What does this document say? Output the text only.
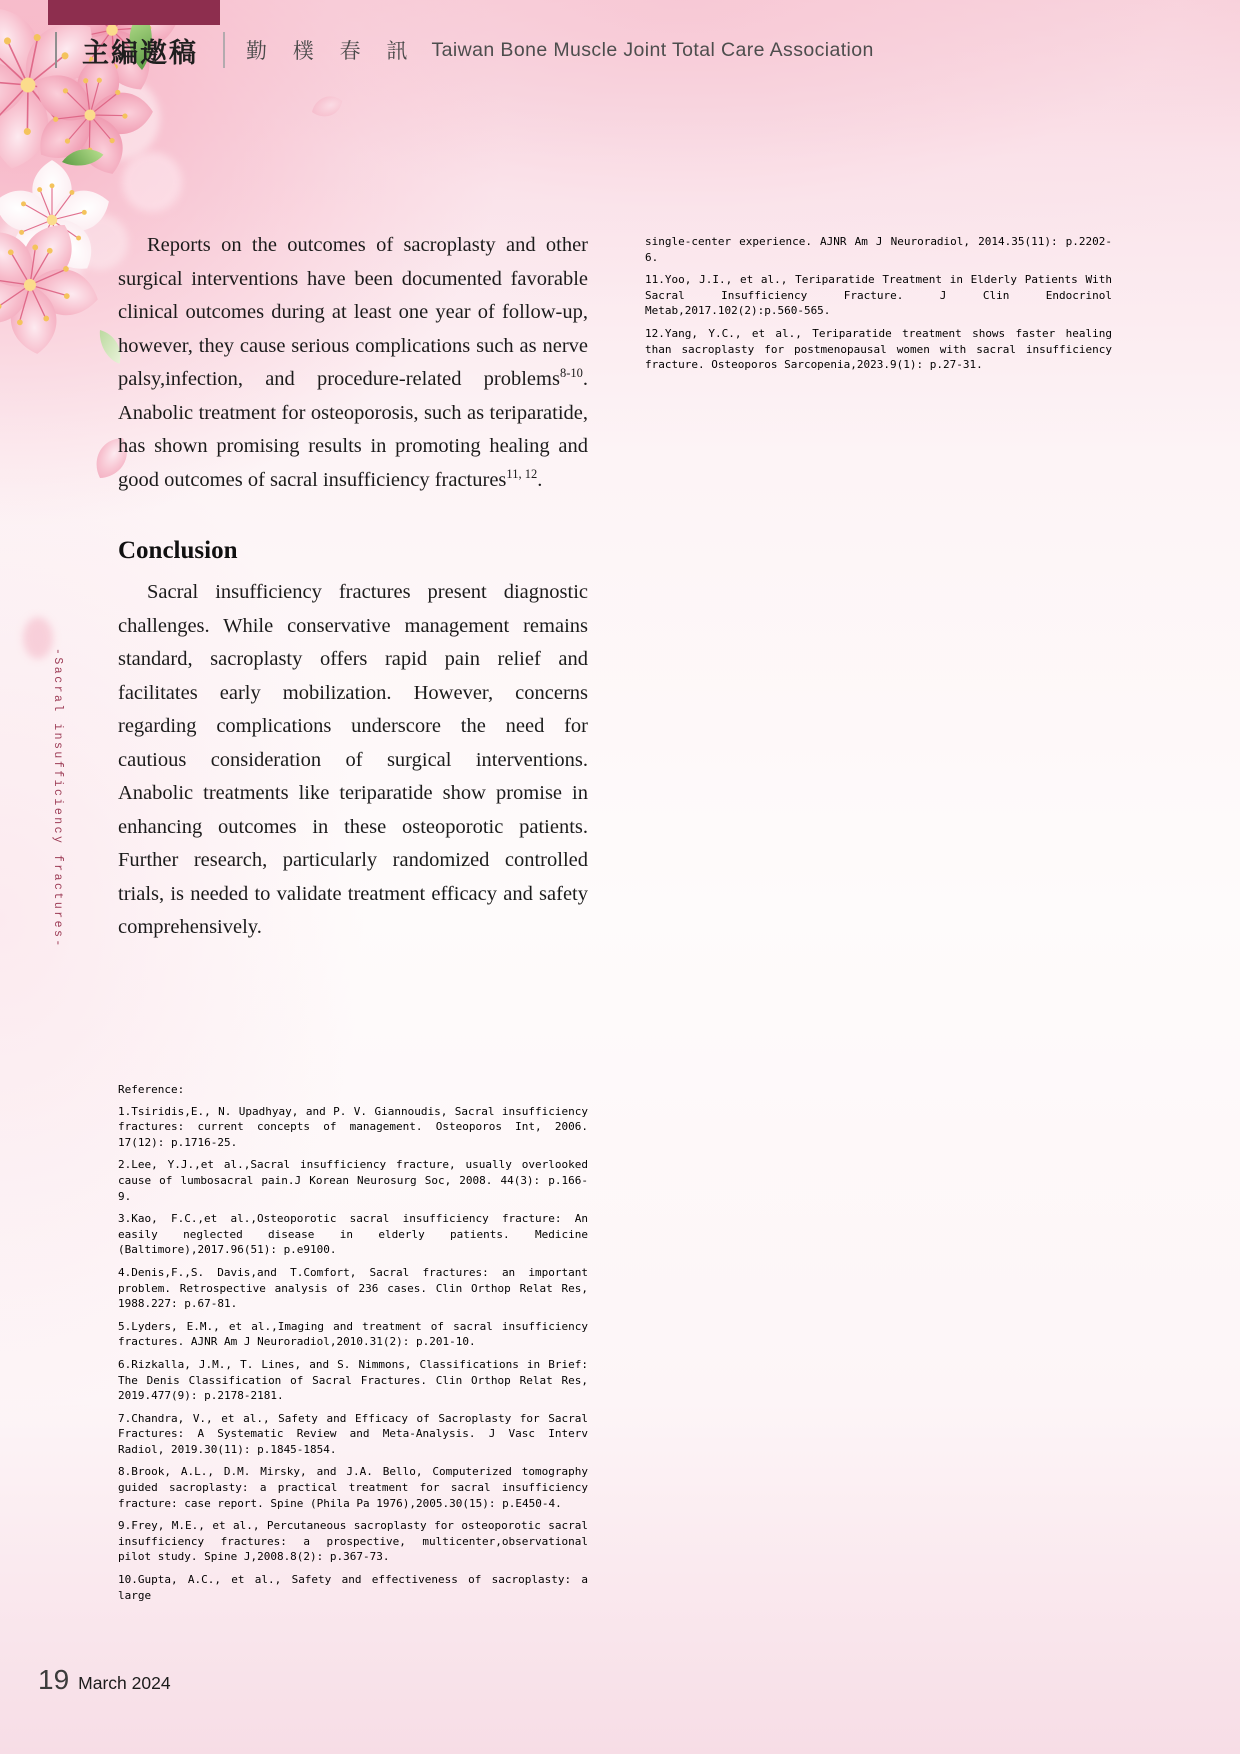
主編邀稿 勤 樸 春 訊 Taiwan Bone Muscle Joint Total Care Association
-Sacral insufficiency fractures-

Reports on the outcomes of sacroplasty and other surgical interventions have been documented favorable clinical outcomes during at least one year of follow-up, however, they cause serious complications such as nerve palsy,infection, and procedure-related problems$^{8-10}$. Anabolic treatment for osteoporosis, such as teriparatide, has shown promising results in promoting healing and good outcomes of sacral insufficiency fractures$^{11, 12}$.

Conclusion

Sacral insufficiency fractures present diagnostic challenges. While conservative management remains standard, sacroplasty offers rapid pain relief and facilitates early mobilization. However, concerns regarding complications underscore the need for cautious consideration of surgical interventions. Anabolic treatments like teriparatide show promise in enhancing outcomes in these osteoporotic patients. Further research, particularly randomized controlled trials, is needed to validate treatment efficacy and safety comprehensively.

Reference:

1.Tsiridis,E., N. Upadhyay, and P. V. Giannoudis, Sacral insufficiency fractures: current concepts of management. Osteoporos Int, 2006. 17(12): p.1716-25.

2.Lee, Y.J.,et al.,Sacral insufficiency fracture, usually overlooked cause of lumbosacral pain.J Korean Neurosurg Soc, 2008. 44(3): p.166-9.

3.Kao, F.C.,et al.,Osteoporotic sacral insufficiency fracture: An easily neglected disease in elderly patients. Medicine (Baltimore),2017.96(51): p.e9100.

4.Denis,F.,S. Davis,and T.Comfort, Sacral fractures: an important problem. Retrospective analysis of 236 cases. Clin Orthop Relat Res, 1988.227: p.67-81.

5.Lyders, E.M., et al.,Imaging and treatment of sacral insufficiency fractures. AJNR Am J Neuroradiol,2010.31(2): p.201-10.

6.Rizkalla, J.M., T. Lines, and S. Nimmons, Classifications in Brief: The Denis Classification of Sacral Fractures. Clin Orthop Relat Res, 2019.477(9): p.2178-2181.

7.Chandra, V., et al., Safety and Efficacy of Sacroplasty for Sacral Fractures: A Systematic Review and Meta-Analysis. J Vasc Interv Radiol, 2019.30(11): p.1845-1854.

8.Brook, A.L., D.M. Mirsky, and J.A. Bello, Computerized tomography guided sacroplasty: a practical treatment for sacral insufficiency fracture: case report. Spine (Phila Pa 1976),2005.30(15): p.E450-4.

9.Frey, M.E., et al., Percutaneous sacroplasty for osteoporotic sacral insufficiency fractures: a prospective, multicenter,observational pilot study. Spine J,2008.8(2): p.367-73.

10.Gupta, A.C., et al., Safety and effectiveness of sacroplasty: a large

single-center experience. AJNR Am J Neuroradiol, 2014.35(11): p.2202-6.

11.Yoo, J.I., et al., Teriparatide Treatment in Elderly Patients With Sacral Insufficiency Fracture. J Clin Endocrinol Metab,2017.102(2):p.560-565.

12.Yang, Y.C., et al., Teriparatide treatment shows faster healing than sacroplasty for postmenopausal women with sacral insufficiency fracture. Osteoporos Sarcopenia,2023.9(1): p.27-31.

19 March 2024
